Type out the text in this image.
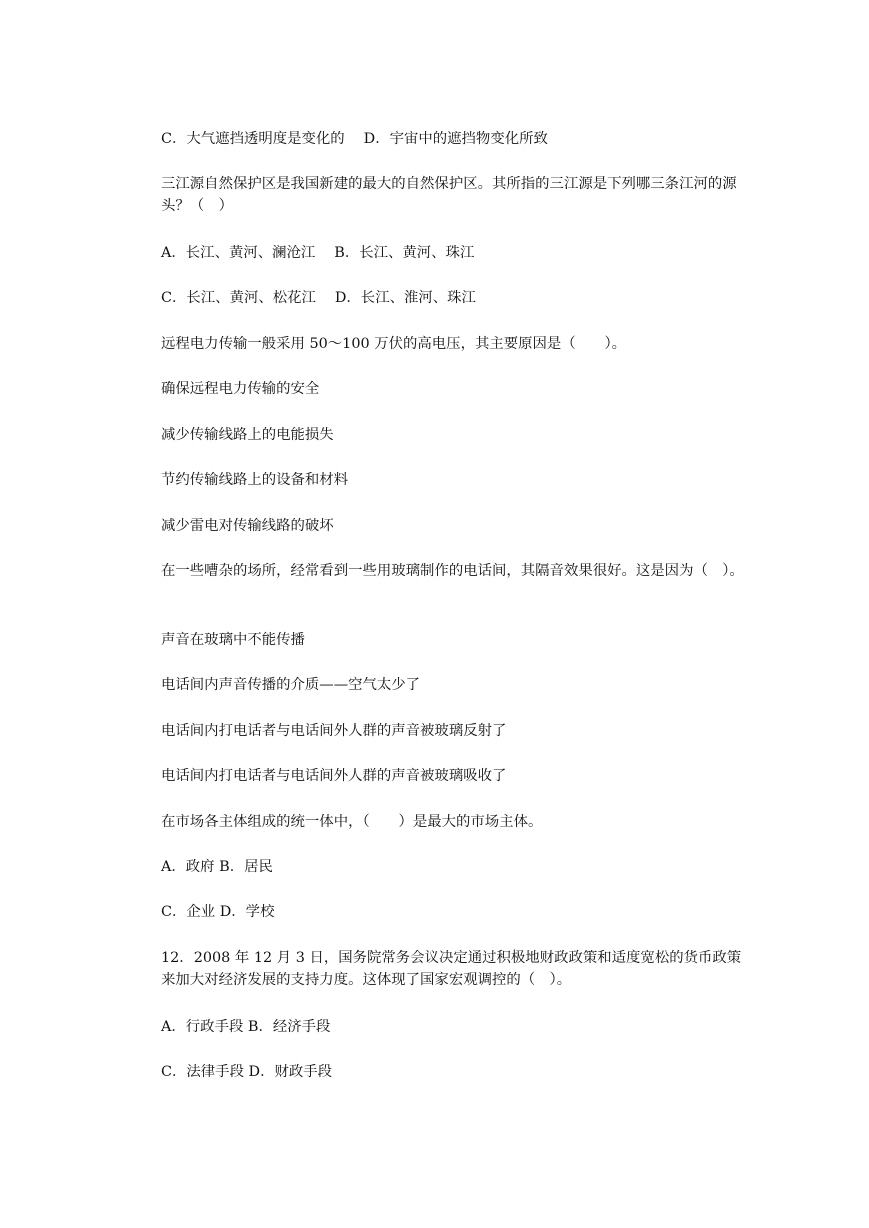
C．大气遮挡透明度是变化的　 D．宇宙中的遮挡物变化所致
三江源自然保护区是我国新建的最大的自然保护区。其所指的三江源是下列哪三条江河的源头？（　）
A．长江、黄河、澜沧江　 B．长江、黄河、珠江
C．长江、黄河、松花江　 D．长江、淮河、珠江
远程电力传输一般采用 50～100 万伏的高电压，其主要原因是（　　）。
确保远程电力传输的安全
减少传输线路上的电能损失
节约传输线路上的设备和材料
减少雷电对传输线路的破坏
在一些嘈杂的场所，经常看到一些用玻璃制作的电话间，其隔音效果很好。这是因为（　）。
声音在玻璃中不能传播
电话间内声音传播的介质——空气太少了
电话间内打电话者与电话间外人群的声音被玻璃反射了
电话间内打电话者与电话间外人群的声音被玻璃吸收了
在市场各主体组成的统一体中，（　　）是最大的市场主体。
A．政府 B．居民
C．企业 D．学校
12．2008 年 12 月 3 日，国务院常务会议决定通过积极地财政政策和适度宽松的货币政策来加大对经济发展的支持力度。这体现了国家宏观调控的（　）。
A．行政手段 B．经济手段
C．法律手段 D．财政手段
